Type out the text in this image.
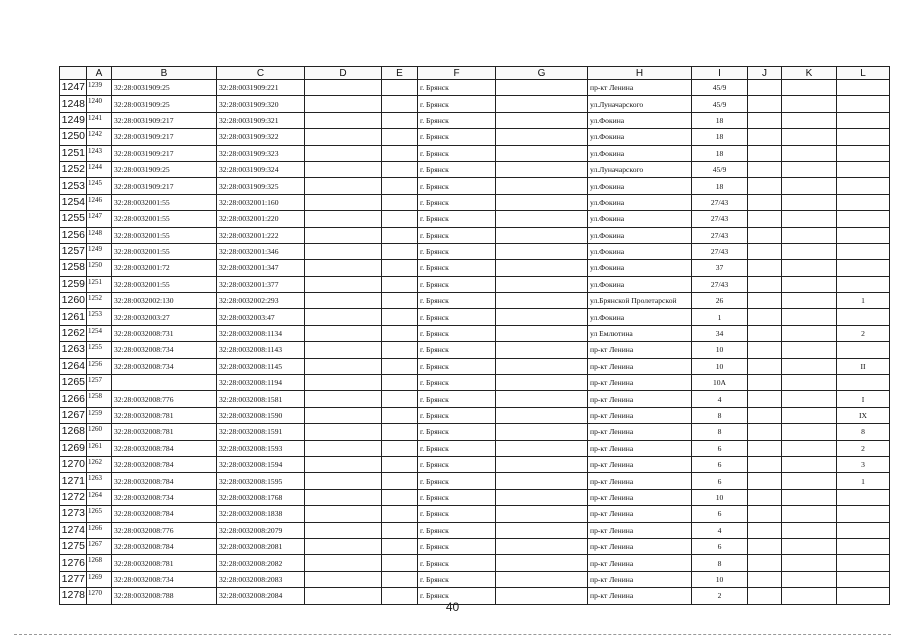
	A	B	C	D	E	F	G	H	I	J	K	L
1247	1239	32:28:0031909:25	32:28:0031909:221			г. Брянск		пр-кт Ленина	45/9			
1248	1240	32:28:0031909:25	32:28:0031909:320			г. Брянск		ул.Луначарского	45/9			
1249	1241	32:28:0031909:217	32:28:0031909:321			г. Брянск		ул.Фокина	18			
1250	1242	32:28:0031909:217	32:28:0031909:322			г. Брянск		ул.Фокина	18			
1251	1243	32:28:0031909:217	32:28:0031909:323			г. Брянск		ул.Фокина	18			
1252	1244	32:28:0031909:25	32:28:0031909:324			г. Брянск		ул.Луначарского	45/9			
1253	1245	32:28:0031909:217	32:28:0031909:325			г. Брянск		ул.Фокина	18			
1254	1246	32:28:0032001:55	32:28:0032001:160			г. Брянск		ул.Фокина	27/43			
1255	1247	32:28:0032001:55	32:28:0032001:220			г. Брянск		ул.Фокина	27/43			
1256	1248	32:28:0032001:55	32:28:0032001:222			г. Брянск		ул.Фокина	27/43			
1257	1249	32:28:0032001:55	32:28:0032001:346			г. Брянск		ул.Фокина	27/43			
1258	1250	32:28:0032001:72	32:28:0032001:347			г. Брянск		ул.Фокина	37			
1259	1251	32:28:0032001:55	32:28:0032001:377			г. Брянск		ул.Фокина	27/43			
1260	1252	32:28:0032002:130	32:28:0032002:293			г. Брянск		ул.Брянской Пролетарской	26			1
1261	1253	32:28:0032003:27	32:28:0032003:47			г. Брянск		ул.Фокина	1			
1262	1254	32:28:0032008:731	32:28:0032008:1134			г. Брянск		ул Емлютина	34			2
1263	1255	32:28:0032008:734	32:28:0032008:1143			г. Брянск		пр-кт Ленина	10			
1264	1256	32:28:0032008:734	32:28:0032008:1145			г. Брянск		пр-кт Ленина	10			II
1265	1257		32:28:0032008:1194			г. Брянск		пр-кт Ленина	10А			
1266	1258	32:28:0032008:776	32:28:0032008:1581			г. Брянск		пр-кт Ленина	4			I
1267	1259	32:28:0032008:781	32:28:0032008:1590			г. Брянск		пр-кт Ленина	8			IX
1268	1260	32:28:0032008:781	32:28:0032008:1591			г. Брянск		пр-кт Ленина	8			8
1269	1261	32:28:0032008:784	32:28:0032008:1593			г. Брянск		пр-кт Ленина	6			2
1270	1262	32:28:0032008:784	32:28:0032008:1594			г. Брянск		пр-кт Ленина	6			3
1271	1263	32:28:0032008:784	32:28:0032008:1595			г. Брянск		пр-кт Ленина	6			1
1272	1264	32:28:0032008:734	32:28:0032008:1768			г. Брянск		пр-кт Ленина	10			
1273	1265	32:28:0032008:784	32:28:0032008:1838			г. Брянск		пр-кт Ленина	6			
1274	1266	32:28:0032008:776	32:28:0032008:2079			г. Брянск		пр-кт Ленина	4			
1275	1267	32:28:0032008:784	32:28:0032008:2081			г. Брянск		пр-кт Ленина	6			
1276	1268	32:28:0032008:781	32:28:0032008:2082			г. Брянск		пр-кт Ленина	8			
1277	1269	32:28:0032008:734	32:28:0032008:2083			г. Брянск		пр-кт Ленина	10			
1278	1270	32:28:0032008:788	32:28:0032008:2084			г. Брянск		пр-кт Ленина	2			
40
